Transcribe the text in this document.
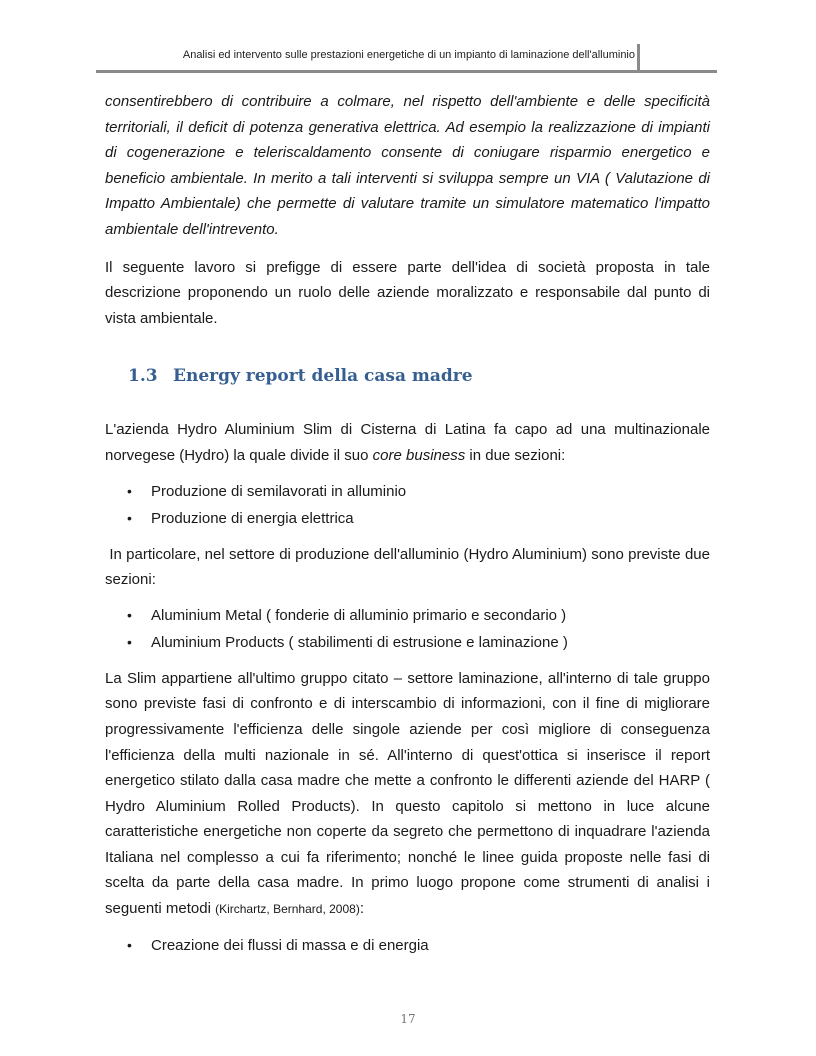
Analisi ed intervento sulle prestazioni energetiche di un impianto di laminazione dell'alluminio

consentirebbero di contribuire a colmare, nel rispetto dell'ambiente e delle specificità territoriali, il deficit di potenza generativa elettrica. Ad esempio la realizzazione di impianti di cogenerazione e teleriscaldamento consente di coniugare risparmio energetico e beneficio ambientale. In merito a tali interventi si sviluppa sempre un VIA ( Valutazione di Impatto Ambientale) che permette di valutare tramite un simulatore matematico l'impatto ambientale dell'intrevento.

Il seguente lavoro si prefigge di essere parte dell'idea di società proposta in tale descrizione proponendo un ruolo delle aziende moralizzato e responsabile dal punto di vista ambientale.

1.3 Energy report della casa madre

L'azienda Hydro Aluminium Slim di Cisterna di Latina fa capo ad una multinazionale norvegese (Hydro) la quale divide il suo core business in due sezioni:

• Produzione di semilavorati in alluminio
• Produzione di energia elettrica

In particolare, nel settore di produzione dell'alluminio (Hydro Aluminium) sono previste due sezioni:

• Aluminium Metal ( fonderie di alluminio primario e secondario )
• Aluminium Products ( stabilimenti di estrusione e laminazione )

La Slim appartiene all'ultimo gruppo citato – settore laminazione, all'interno di tale gruppo sono previste fasi di confronto e di interscambio di informazioni, con il fine di migliorare progressivamente l'efficienza delle singole aziende per così migliore di conseguenza l'efficienza della multi nazionale in sé. All'interno di quest'ottica si inserisce il report energetico stilato dalla casa madre che mette a confronto le differenti aziende del HARP ( Hydro Aluminium Rolled Products). In questo capitolo si mettono in luce alcune caratteristiche energetiche non coperte da segreto che permettono di inquadrare l'azienda Italiana nel complesso a cui fa riferimento; nonché le linee guida proposte nelle fasi di scelta da parte della casa madre. In primo luogo propone come strumenti di analisi i seguenti metodi (Kirchartz, Bernhard, 2008):

• Creazione dei flussi di massa e di energia
17
